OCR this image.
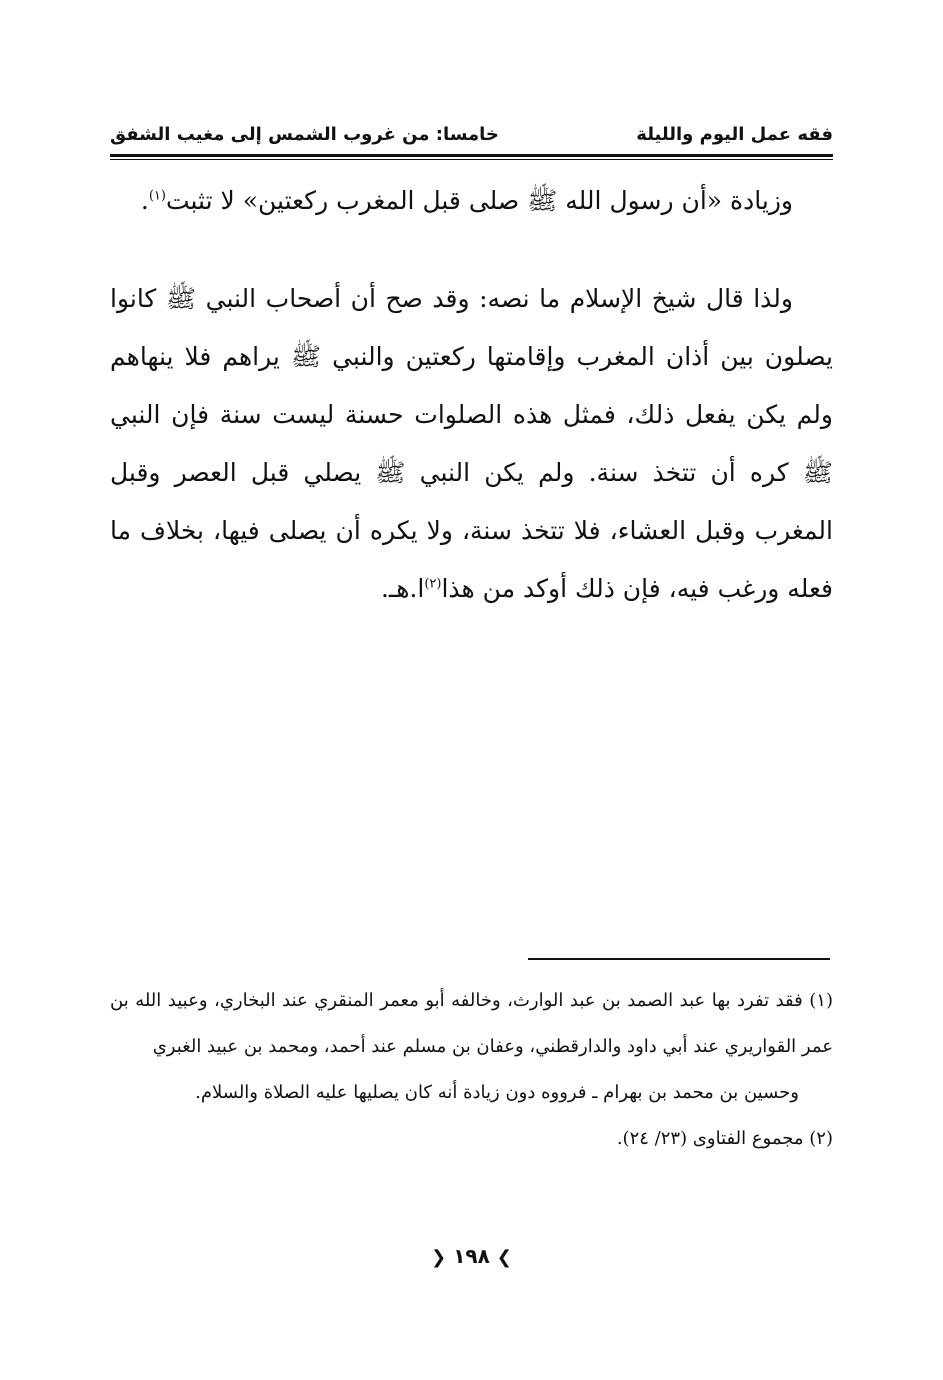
فقه عمل اليوم والليلة
خامسا: من غروب الشمس إلى مغيب الشفق

وزيادة «أن رسول الله ﷺ صلى قبل المغرب ركعتين» لا تثبت$^{(١)}$.

ولذا قال شيخ الإسلام ما نصه: وقد صح أن أصحاب النبي ﷺ كانوا يصلون بين أذان المغرب وإقامتها ركعتين والنبي ﷺ يراهم فلا ينهاهم ولم يكن يفعل ذلك، فمثل هذه الصلوات حسنة ليست سنة فإن النبي ﷺ كره أن تتخذ سنة. ولم يكن النبي ﷺ يصلي قبل العصر وقبل المغرب وقبل العشاء، فلا تتخذ سنة، ولا يكره أن يصلى فيها، بخلاف ما فعله ورغب فيه، فإن ذلك أوكد من هذا$^{(٢)}$ا.هـ.

(١) فقد تفرد بها عبد الصمد بن عبد الوارث، وخالفه أبو معمر المنقري عند البخاري، وعبيد الله بن عمر القواريري عند أبي داود والدارقطني، وعفان بن مسلم عند أحمد، ومحمد بن عبيد الغبري

وحسين بن محمد بن بهرام ـ فرووه دون زيادة أنه كان يصليها عليه الصلاة والسلام.

(٢) مجموع الفتاوى (٢٣/ ٢٤).

❯ ١٩٨ ❮
